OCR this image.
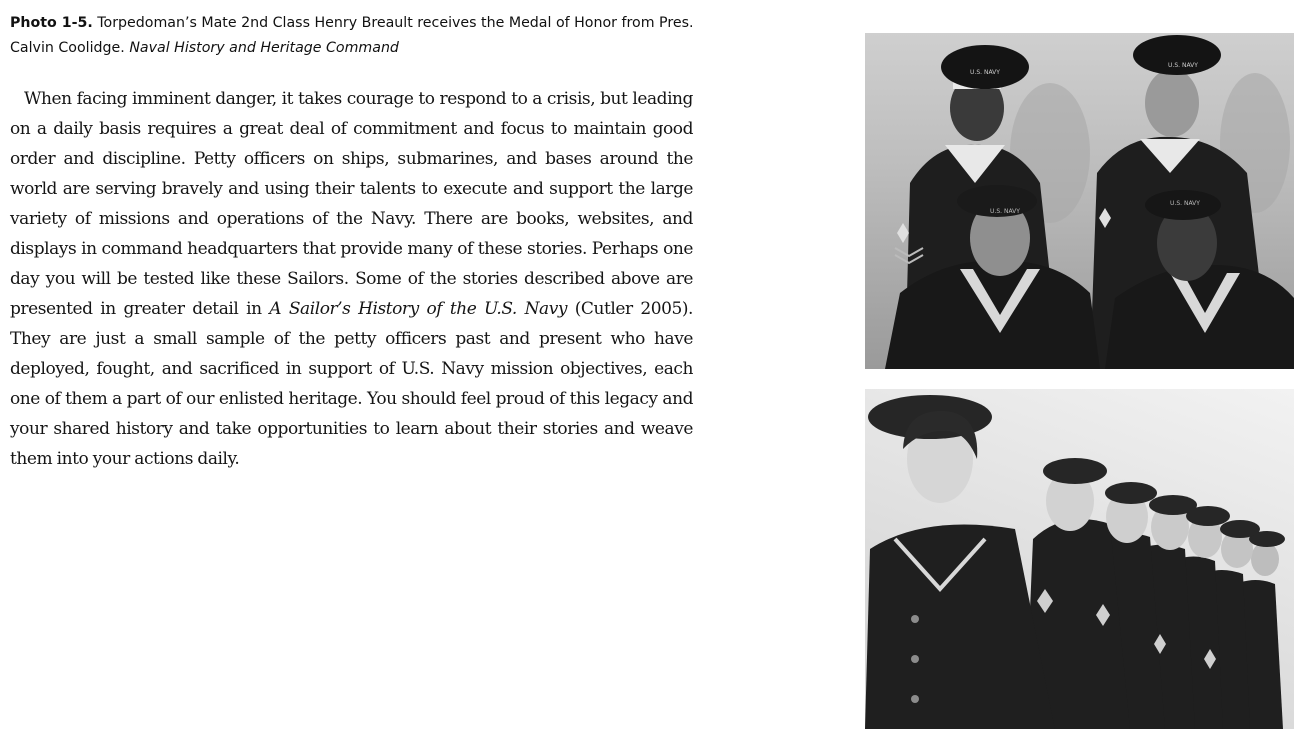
Photo 1-5. Torpedoman’s Mate 2nd Class Henry Breault receives the Medal of Honor from Pres. Calvin Coolidge. Naval History and Heritage Command

When facing imminent danger, it takes courage to respond to a crisis, but leading on a daily basis requires a great deal of commitment and focus to maintain good order and discipline. Petty officers on ships, submarines, and bases around the world are serving bravely and using their talents to execute and support the large variety of missions and operations of the Navy. There are books, websites, and displays in command headquarters that provide many of these stories. Perhaps one day you will be tested like these Sailors. Some of the stories described above are presented in greater detail in A Sailor’s History of the U.S. Navy (Cutler 2005). They are just a small sample of the petty officers past and present who have deployed, fought, and sacrificed in support of U.S. Navy mission objectives, each one of them a part of our enlisted heritage. You should feel proud of this legacy and your shared history and take opportunities to learn about their stories and weave them into your actions daily.

U.S. NAVY
U.S. NAVY
U.S. NAVY
U.S. NAVY
